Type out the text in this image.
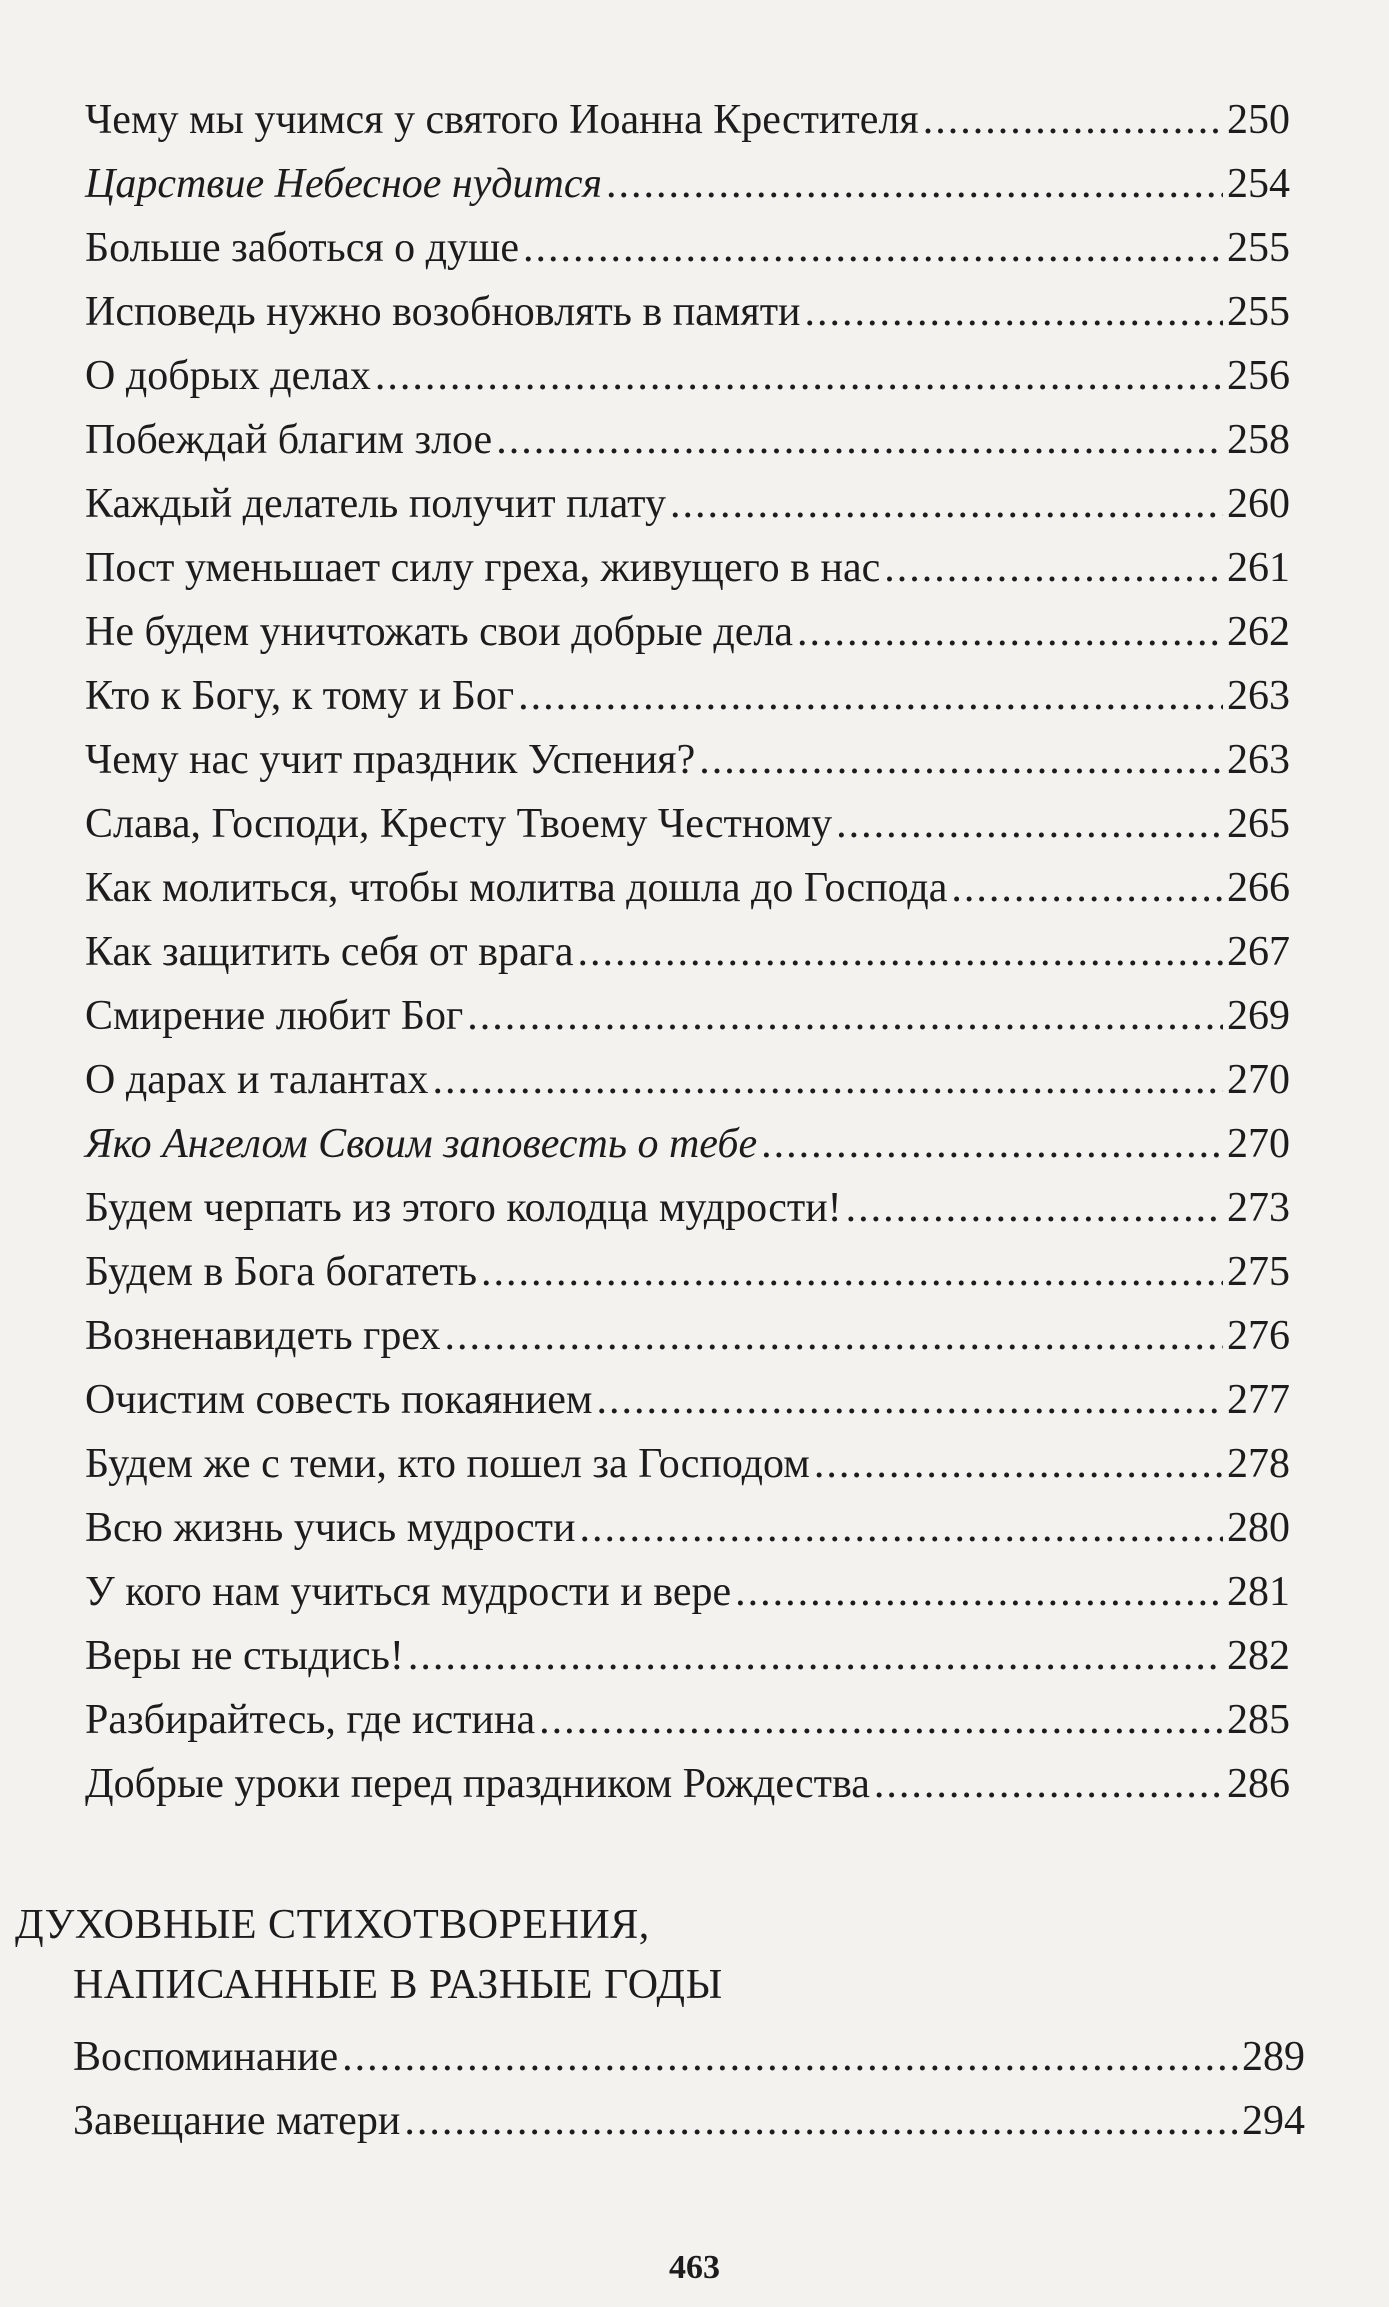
Чему мы учимся у святого Иоанна Крестителя .....	250
Царствие Небесное нудится .....	254
Больше заботься о душе .....	255
Исповедь нужно возобновлять в памяти .....	255
О добрых делах .....	256
Побеждай благим злое .....	258
Каждый делатель получит плату .....	260
Пост уменьшает силу греха, живущего в нас .....	261
Не будем уничтожать свои добрые дела .....	262
Кто к Богу, к тому и Бог .....	263
Чему нас учит праздник Успения? .....	263
Слава, Господи, Кресту Твоему Честному .....	265
Как молиться, чтобы молитва дошла до Господа .....	266
Как защитить себя от врага .....	267
Смирение любит Бог .....	269
О дарах и талантах .....	270
Яко Ангелом Своим заповесть о тебе .....	270
Будем черпать из этого колодца мудрости! .....	273
Будем в Бога богатеть .....	275
Возненавидеть грех .....	276
Очистим совесть покаянием .....	277
Будем же с теми, кто пошел за Господом .....	278
Всю жизнь учись мудрости .....	280
У кого нам учиться мудрости и вере .....	281
Веры не стыдись! .....	282
Разбирайтесь, где истина .....	285
Добрые уроки перед праздником Рождества .....	286
ДУХОВНЫЕ СТИХОТВОРЕНИЯ,
НАПИСАННЫЕ В РАЗНЫЕ ГОДЫ
Воспоминание .....	289
Завещание матери .....	294
463
